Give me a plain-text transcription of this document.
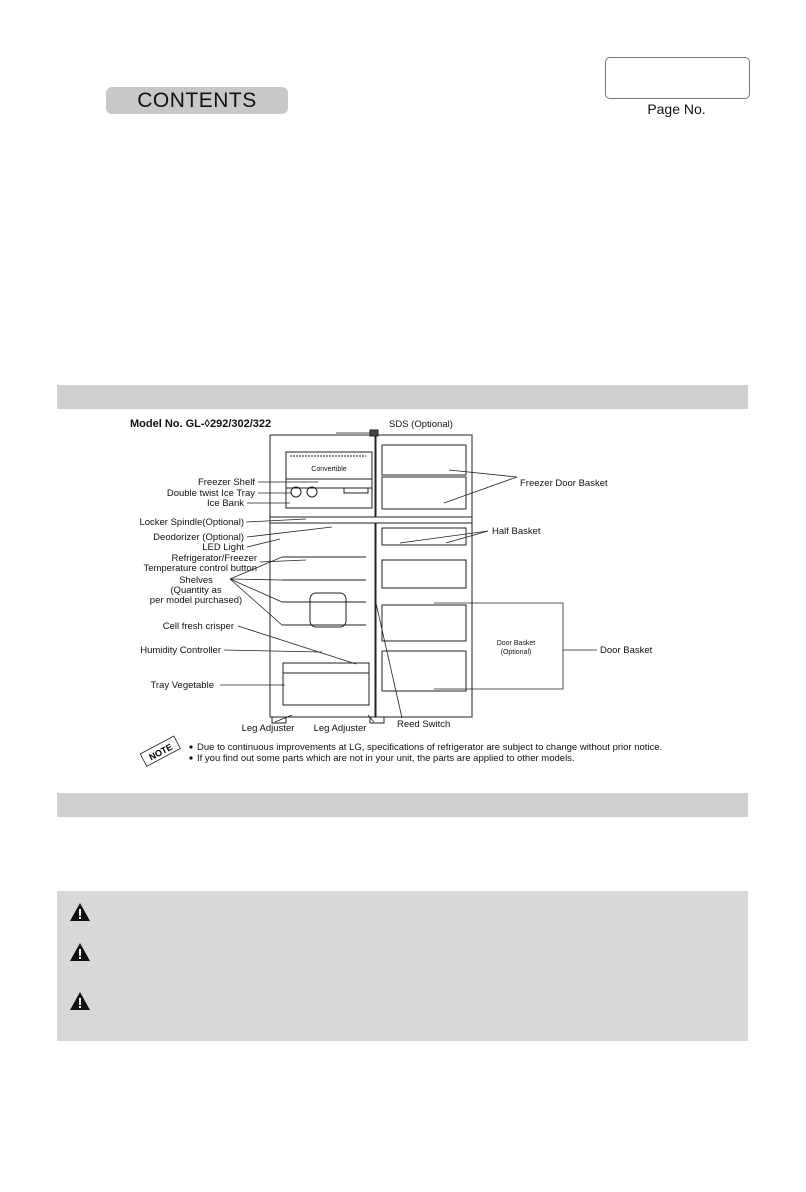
CONTENTS	Page No.
Model No. GL-◊292/302/322	SDS (Optional)
Freezer Shelf
Double twist Ice Tray
Ice Bank
Locker Spindle(Optional)
Deodorizer (Optional)
LED Light
Refrigerator/Freezer
Temperature control button
Shelves
(Quantity as
per model purchased)
Cell fresh crisper
Humidity Controller
Tray Vegetable
Leg Adjuster Leg Adjuster	Reed Switch
Freezer Door Basket
Half Basket
Door Basket
(Optional)	Door Basket
Convertible
NOTE Due to continuous improvements at LG, specifications of refrigerator are subject to change without prior notice.
If you find out some parts which are not in your unit, the parts are applied to other models.
